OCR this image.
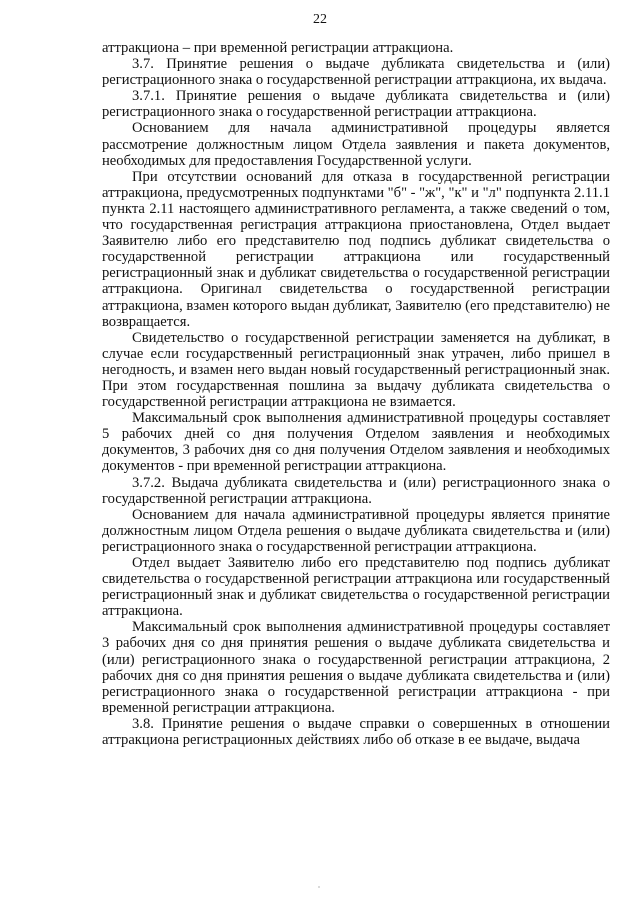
22

аттракциона – при временной регистрации аттракциона.

3.7. Принятие решения о выдаче дубликата свидетельства и (или) регистрационного знака о государственной регистрации аттракциона, их выдача.

3.7.1. Принятие решения о выдаче дубликата свидетельства и (или) регистрационного знака о государственной регистрации аттракциона.

Основанием для начала административной процедуры является рассмотрение должностным лицом Отдела заявления и пакета документов, необходимых для предоставления Государственной услуги.

При отсутствии оснований для отказа в государственной регистрации аттракциона, предусмотренных подпунктами "б" - "ж", "к" и "л" подпункта 2.11.1 пункта 2.11 настоящего административного регламента, а также сведений о том, что государственная регистрация аттракциона приостановлена, Отдел выдает Заявителю либо его представителю под подпись дубликат свидетельства о государственной регистрации аттракциона или государственный регистрационный знак и дубликат свидетельства о государственной регистрации аттракциона. Оригинал свидетельства о государственной регистрации аттракциона, взамен которого выдан дубликат, Заявителю (его представителю) не возвращается.

Свидетельство о государственной регистрации заменяется на дубликат, в случае если государственный регистрационный знак утрачен, либо пришел в негодность, и взамен него выдан новый государственный регистрационный знак. При этом государственная пошлина за выдачу дубликата свидетельства о государственной регистрации аттракциона не взимается.

Максимальный срок выполнения административной процедуры составляет 5 рабочих дней со дня получения Отделом заявления и необходимых документов, 3 рабочих дня со дня получения Отделом заявления и необходимых документов - при временной регистрации аттракциона.

3.7.2. Выдача дубликата свидетельства и (или) регистрационного знака о государственной регистрации аттракциона.

Основанием для начала административной процедуры является принятие должностным лицом Отдела решения о выдаче дубликата свидетельства и (или) регистрационного знака о государственной регистрации аттракциона.

Отдел выдает Заявителю либо его представителю под подпись дубликат свидетельства о государственной регистрации аттракциона или государственный регистрационный знак и дубликат свидетельства о государственной регистрации аттракциона.

Максимальный срок выполнения административной процедуры составляет 3 рабочих дня со дня принятия решения о выдаче дубликата свидетельства и (или) регистрационного знака о государственной регистрации аттракциона, 2 рабочих дня со дня принятия решения о выдаче дубликата свидетельства и (или) регистрационного знака о государственной регистрации аттракциона - при временной регистрации аттракциона.

3.8. Принятие решения о выдаче справки о совершенных в отношении аттракциона регистрационных действиях либо об отказе в ее выдаче, выдача
